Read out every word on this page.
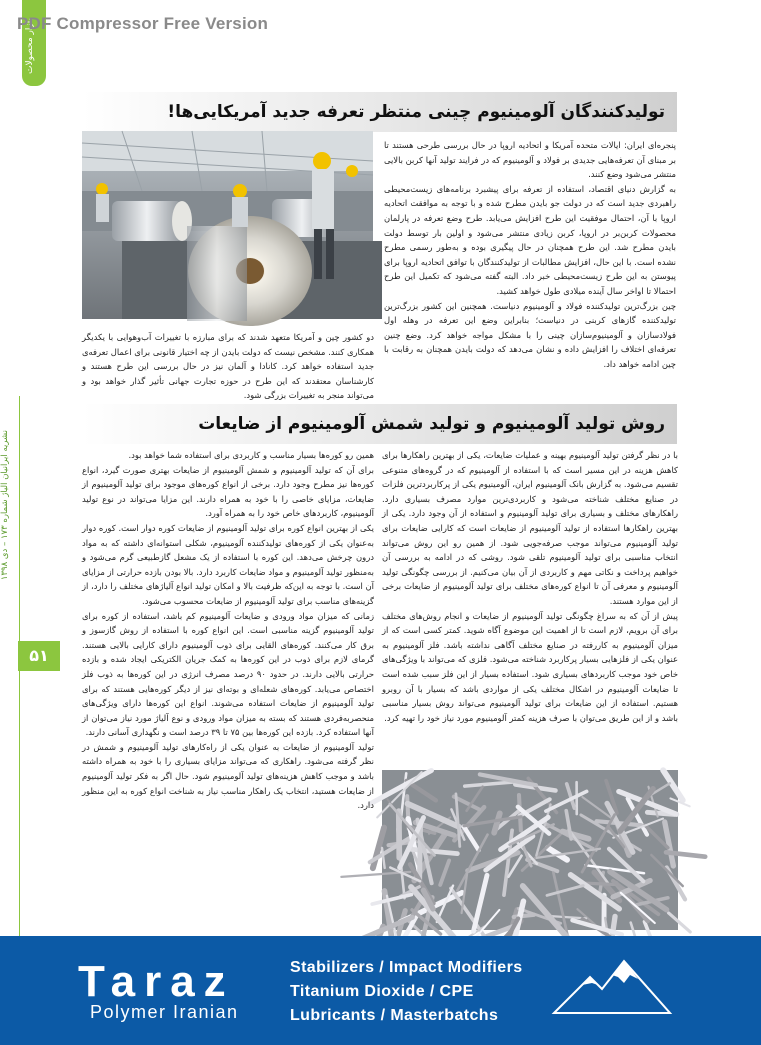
PDF Compressor Free Version
بازار محصولات
نشریه ایرانیان آلیاژ شماره ۱۷۳ – دی ۱۳۹۸
۵۱
تولیدکنندگان آلومینیوم چینی منتظر تعرفه جدید آمریکایی‌ها!

پنجره‌ای ایران: ایالات متحده آمریکا و اتحادیه اروپا در حال بررسی طرحی هستند تا بر مبنای آن تعرفه‌هایی جدیدی بر فولاد و آلومینیوم که در فرایند تولید آنها کربن بالایی منتشر می‌شود وضع کنند.

به گزارش دنیای اقتصاد، استفاده از تعرفه برای پیشبرد برنامه‌های زیست‌محیطی راهبردی جدید است که در دولت جو بایدن مطرح شده و با توجه به موافقت اتحادیه اروپا با آن، احتمال موفقیت این طرح افزایش می‌یابد. طرح وضع تعرفه در پارلمان محصولات کربن‌بر در اروپا، کربن زیادی منتشر می‌شود و اولین بار توسط دولت بایدن مطرح شد. این طرح همچنان در حال پیگیری بوده و به‌طور رسمی مطرح نشده است. با این حال، افزایش مطالبات از تولیدکنندگان با توافق اتحادیه اروپا برای پیوستن به این طرح زیست‌محیطی خبر داد. البته گفته می‌شود که تکمیل این طرح احتمالا تا اواخر سال آینده میلادی طول خواهد کشید.

چین بزرگ‌ترین تولیدکننده فولاد و آلومینیوم دنیاست. همچنین این کشور بزرگ‌ترین تولیدکننده گازهای کربنی در دنیاست؛ بنابراین وضع این تعرفه در وهله اول فولادسازان و آلومینیوم‌سازان چینی را با مشکل مواجه خواهد کرد. وضع چنین تعرفه‌ای اختلاف را افزایش داده و نشان می‌دهد که دولت بایدن همچنان به رقابت با چین ادامه خواهد داد.

دو کشور چین و آمریکا متعهد شدند که برای مبارزه با تغییرات آب‌وهوایی با یکدیگر همکاری کنند. مشخص نیست که دولت بایدن از چه اختیار قانونی برای اعمال تعرفه‌ی جدید استفاده خواهد کرد. کانادا و آلمان نیز در حال بررسی این طرح هستند و کارشناسان معتقدند که این طرح در حوزه تجارت جهانی تأثیر گذار خواهد بود و می‌تواند منجر به تغییرات بزرگی شود.

روش تولید آلومینیوم و تولید شمش آلومینیوم از ضایعات

با در نظر گرفتن تولید آلومینیوم بهینه و عملیات ضایعات، یکی از بهترین راهکارها برای کاهش هزینه در این مسیر است که با استفاده از آلومینیوم که در گروه‌های متنوعی تقسیم می‌شود. به گزارش بانک آلومینیوم ایران، آلومینیوم یکی از پرکاربردترین فلزات در صنایع مختلف شناخته می‌شود و کاربردی‌ترین موارد مصرف بسیاری دارد. راهکارهای مختلف و بسیاری برای تولید آلومینیوم و استفاده از آن وجود دارد. یکی از بهترین راهکارها استفاده از تولید آلومینیوم از ضایعات است که کارایی ضایعات برای تولید آلومینیوم می‌تواند موجب صرفه‌جویی شود. از همین رو این روش می‌تواند انتخاب مناسبی برای تولید آلومینیوم تلقی شود. روشی که در ادامه به بررسی آن خواهیم پرداخت و نکاتی مهم و کاربردی از آن بیان می‌کنیم. از بررسی چگونگی تولید آلومینیوم و معرفی آن تا انواع کوره‌های مختلف برای تولید آلومینیوم از ضایعات برخی از این موارد هستند.

پیش از آن که به سراغ چگونگی تولید آلومینیوم از ضایعات و انجام روش‌های مختلف برای آن برویم، لازم است تا از اهمیت این موضوع آگاه شوید. کمتر کسی است که از میزان آلومینیوم به کاررفته در صنایع مختلف آگاهی نداشته باشد. فلز آلومینیوم به عنوان یکی از فلزهایی بسیار پرکاربرد شناخته می‌شود. فلزی که می‌تواند با ویژگی‌های خاص خود موجب کاربردهای بسیاری شود. استفاده بسیار از این فلز سبب شده است تا ضایعات آلومینیوم در اشکال مختلف یکی از مواردی باشد که بسیار با آن روبرو هستیم. استفاده از این ضایعات برای تولید آلومینیوم می‌تواند روش بسیار مناسبی باشد و از این طریق می‌توان با صرف هزینه کمتر آلومینیوم مورد نیاز خود را تهیه کرد.

همین رو کوره‌ها بسیار مناسب و کاربردی برای استفاده شما خواهد بود.

برای آن که تولید آلومینیوم و شمش آلومینیوم از ضایعات بهتری صورت گیرد، انواع کوره‌ها نیز مطرح وجود دارد. برخی از انواع کوره‌های موجود برای تولید آلومینیوم از ضایعات، مزایای خاصی را با خود به همراه دارند. این مزایا می‌تواند در نوع تولید آلومینیوم، کاربردهای خاص خود را به همراه آورد.

یکی از بهترین انواع کوره برای تولید آلومینیوم از ضایعات کوره دوار است. کوره دوار به‌عنوان یکی از کوره‌های تولیدکننده آلومینیوم، شکلی استوانه‌ای داشته که به مواد درون چرخش می‌دهد. این کوره با استفاده از یک مشعل گازطبیعی گرم می‌شود و به‌منظور تولید آلومینیوم و مواد ضایعات کاربرد دارد. بالا بودن بازده حرارتی از مزایای آن است. با توجه به این‌که ظرفیت بالا و امکان تولید انواع آلیاژهای مختلف را دارد، از گزینه‌های مناسب برای تولید آلومینیوم از ضایعات محسوب می‌شود.

زمانی که میزان مواد ورودی و ضایعات آلومینیوم کم باشد، استفاده از کوره برای تولید آلومینیوم گزینه مناسبی است. این انواع کوره با استفاده از روش گازسوز و برق کار می‌کنند. کوره‌های القایی برای ذوب آلومینیوم دارای کارایی بالایی هستند. گرمای لازم برای ذوب در این کوره‌ها به کمک جریان الکتریکی ایجاد شده و بازده حرارتی بالایی دارند. در حدود ۹۰ درصد مصرف انرژی در این کوره‌ها به ذوب فلز اختصاص می‌یابد. کوره‌های شعله‌ای و بوته‌ای نیز از دیگر کوره‌هایی هستند که برای تولید آلومینیوم از ضایعات استفاده می‌شوند. انواع این کوره‌ها دارای ویژگی‌های منحصربه‌فردی هستند که بسته به میزان مواد ورودی و نوع آلیاژ مورد نیاز می‌توان از آنها استفاده کرد. بازده این کوره‌ها بین ۷۵ تا ۳۹ درصد است و نگهداری آسانی دارند.

تولید آلومینیوم از ضایعات به عنوان یکی از راه‌کارهای تولید آلومینیوم و شمش در نظر گرفته می‌شود. راهکاری که می‌تواند مزایای بسیاری را با خود به همراه داشته باشد و موجب کاهش هزینه‌های تولید آلومینیوم شود. حال اگر به فکر تولید آلومینیوم از ضایعات هستید، انتخاب یک راهکار مناسب نیاز به شناخت انواع کوره به این منظور دارد.

Taraz
Polymer Iranian
Stabilizers / Impact Modifiers
Titanium Dioxide / CPE
Lubricants / Masterbatchs
